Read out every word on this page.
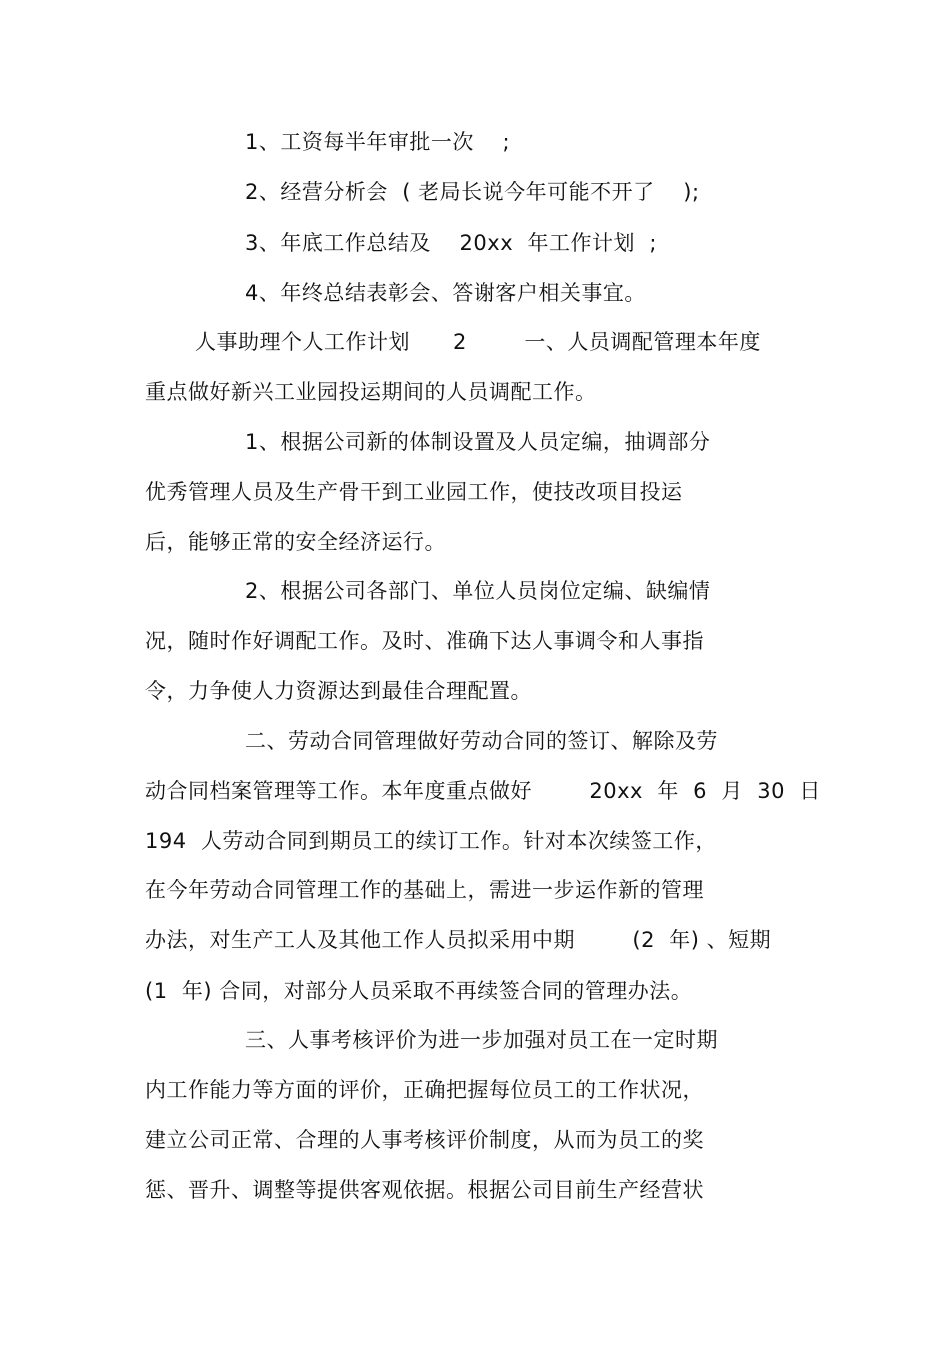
1、工资每半年审批一次    ;
2、经营分析会  ( 老局长说今年可能不开了    );
3、年底工作总结及    20xx  年工作计划  ;
4、年终总结表彰会、答谢客户相关事宜。
人事助理个人工作计划      2        一、人员调配管理本年度
重点做好新兴工业园投运期间的人员调配工作。
1、根据公司新的体制设置及人员定编，抽调部分
优秀管理人员及生产骨干到工业园工作，使技改项目投运
后，能够正常的安全经济运行。
2、根据公司各部门、单位人员岗位定编、缺编情
况，随时作好调配工作。及时、准确下达人事调令和人事指
令，力争使人力资源达到最佳合理配置。
二、劳动合同管理做好劳动合同的签订、解除及劳
动合同档案管理等工作。本年度重点做好        20xx  年  6  月  30  日
194  人劳动合同到期员工的续订工作。针对本次续签工作，
在今年劳动合同管理工作的基础上，需进一步运作新的管理
办法，对生产工人及其他工作人员拟采用中期        (2  年) 、短期
(1  年) 合同，对部分人员采取不再续签合同的管理办法。
三、人事考核评价为进一步加强对员工在一定时期
内工作能力等方面的评价，正确把握每位员工的工作状况，
建立公司正常、合理的人事考核评价制度，从而为员工的奖
惩、晋升、调整等提供客观依据。根据公司目前生产经营状
